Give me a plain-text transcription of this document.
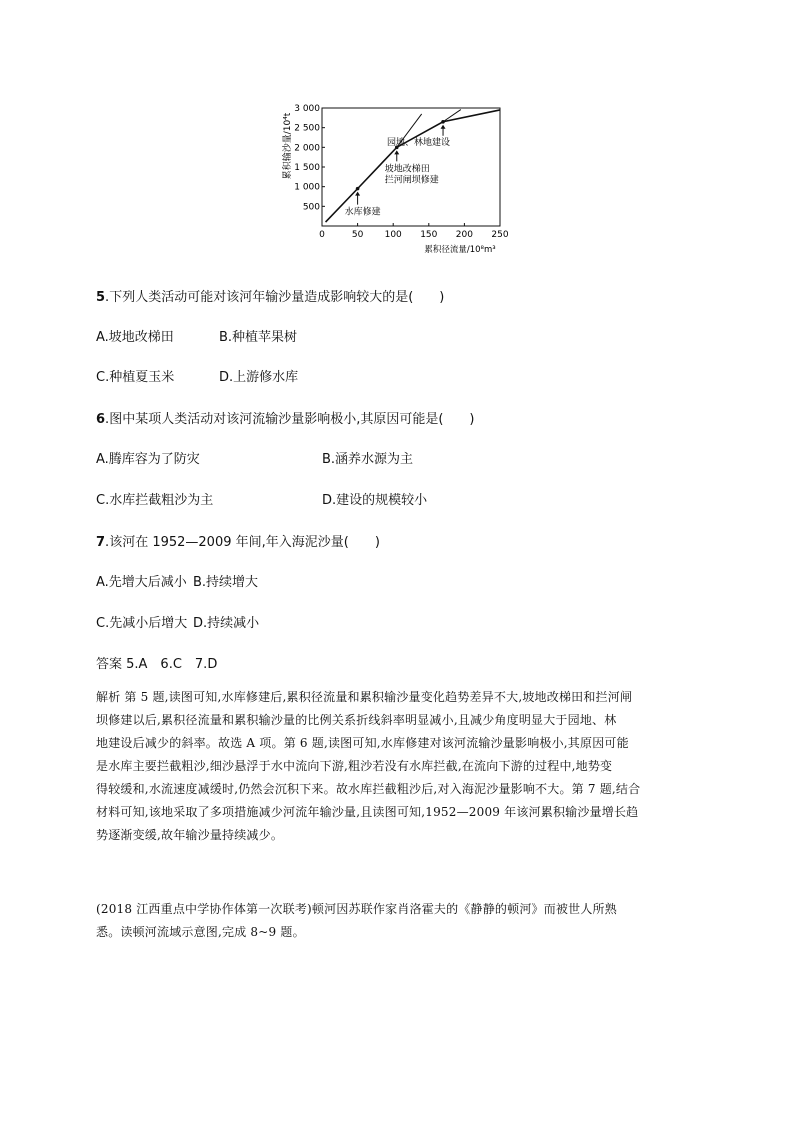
500
1 000
1 500
2 000
2 500
3 000
0	50 100 150 200 250
水库修建
坡地改梯田
拦河闸坝修建
园地、林地建设
累积输沙量/10⁴t
累积径流量/10⁸m³
5.下列人类活动可能对该河年输沙量造成影响较大的是(　　)
A.坡地改梯田	B.种植苹果树
C.种植夏玉米	D.上游修水库
6.图中某项人类活动对该河流输沙量影响极小,其原因可能是(　　)
A.腾库容为了防灾	B.涵养水源为主
C.水库拦截粗沙为主	D.建设的规模较小
7.该河在 1952—2009 年间,年入海泥沙量(　　)
A.先增大后减小 B.持续增大
C.先减小后增大 D.持续减小
答案 5.A　6.C　7.D
解析 第 5 题,读图可知,水库修建后,累积径流量和累积输沙量变化趋势差异不大,坡地改梯田和拦河闸
坝修建以后,累积径流量和累积输沙量的比例关系折线斜率明显减小,且减少角度明显大于园地、林
地建设后减少的斜率。故选 A 项。第 6 题,读图可知,水库修建对该河流输沙量影响极小,其原因可能
是水库主要拦截粗沙,细沙悬浮于水中流向下游,粗沙若没有水库拦截,在流向下游的过程中,地势变
得较缓和,水流速度减缓时,仍然会沉积下来。故水库拦截粗沙后,对入海泥沙量影响不大。第 7 题,结合
材料可知,该地采取了多项措施减少河流年输沙量,且读图可知,1952—2009 年该河累积输沙量增长趋
势逐渐变缓,故年输沙量持续减少。
(2018 江西重点中学协作体第一次联考)顿河因苏联作家肖洛霍夫的《静静的顿河》而被世人所熟
悉。读顿河流域示意图,完成 8~9 题。
